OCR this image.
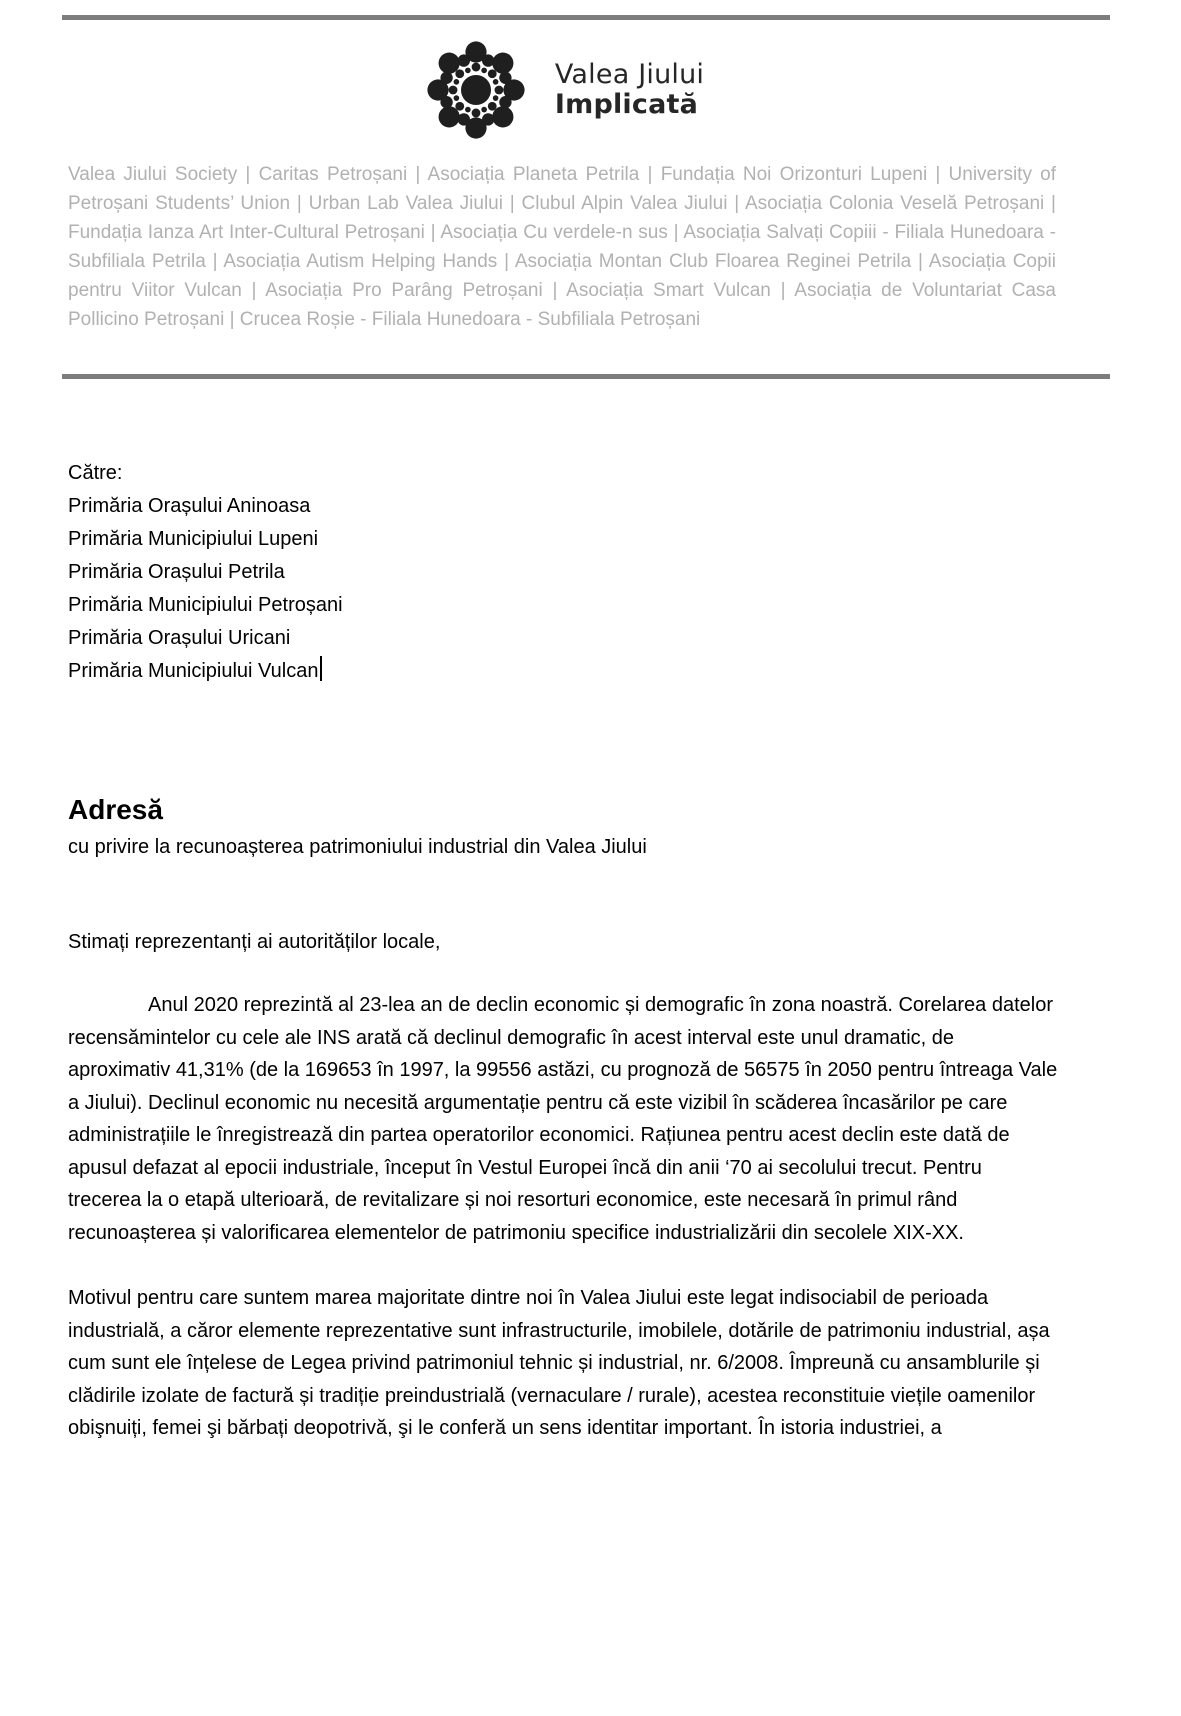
Valea Jiului
Implicată
Valea Jiului Society | Caritas Petroșani | Asociația Planeta Petrila | Fundația Noi Orizonturi Lupeni | University of Petroșani Students’ Union | Urban Lab Valea Jiului | Clubul Alpin Valea Jiului | Asociația Colonia Veselă Petroșani | Fundația Ianza Art Inter-Cultural Petroșani | Asociația Cu verdele-n sus | Asociația Salvați Copiii - Filiala Hunedoara - Subfiliala Petrila | Asociația Autism Helping Hands | Asociația Montan Club Floarea Reginei Petrila | Asociația Copii pentru Viitor Vulcan | Asociația Pro Parâng Petroșani | Asociația Smart Vulcan | Asociația de Voluntariat Casa Pollicino Petroșani | Crucea Roșie - Filiala Hunedoara - Subfiliala Petroșani
Către:
Primăria Orașului Aninoasa
Primăria Municipiului Lupeni
Primăria Orașului Petrila
Primăria Municipiului Petroșani
Primăria Orașului Uricani
Primăria Municipiului Vulcan
Adresă
cu privire la recunoașterea patrimoniului industrial din Valea Jiului
Stimați reprezentanți ai autorităților locale,
Anul 2020 reprezintă al 23-lea an de declin economic și demografic în zona noastră. Corelarea datelor recensămintelor cu cele ale INS arată că declinul demografic în acest interval este unul dramatic, de aproximativ 41,31% (de la 169653 în 1997, la 99556 astăzi, cu prognoză de 56575 în 2050 pentru întreaga Vale a Jiului). Declinul economic nu necesită argumentație pentru că este vizibil în scăderea încasărilor pe care administrațiile le înregistrează din partea operatorilor economici. Rațiunea pentru acest declin este dată de apusul defazat al epocii industriale, început în Vestul Europei încă din anii ‘70 ai secolului trecut. Pentru trecerea la o etapă ulterioară, de revitalizare și noi resorturi economice, este necesară în primul rând recunoașterea și valorificarea elementelor de patrimoniu specifice industrializării din secolele XIX-XX.
Motivul pentru care suntem marea majoritate dintre noi în Valea Jiului este legat indisociabil de perioada industrială, a căror elemente reprezentative sunt infrastructurile, imobilele, dotările de patrimoniu industrial, așa cum sunt ele înțelese de Legea privind patrimoniul tehnic și industrial, nr. 6/2008. Împreună cu ansamblurile și clădirile izolate de factură și tradiție preindustrială (vernaculare / rurale), acestea reconstituie viețile oamenilor obişnuiți, femei şi bărbați deopotrivă, şi le conferă un sens identitar important. În istoria industriei, a
